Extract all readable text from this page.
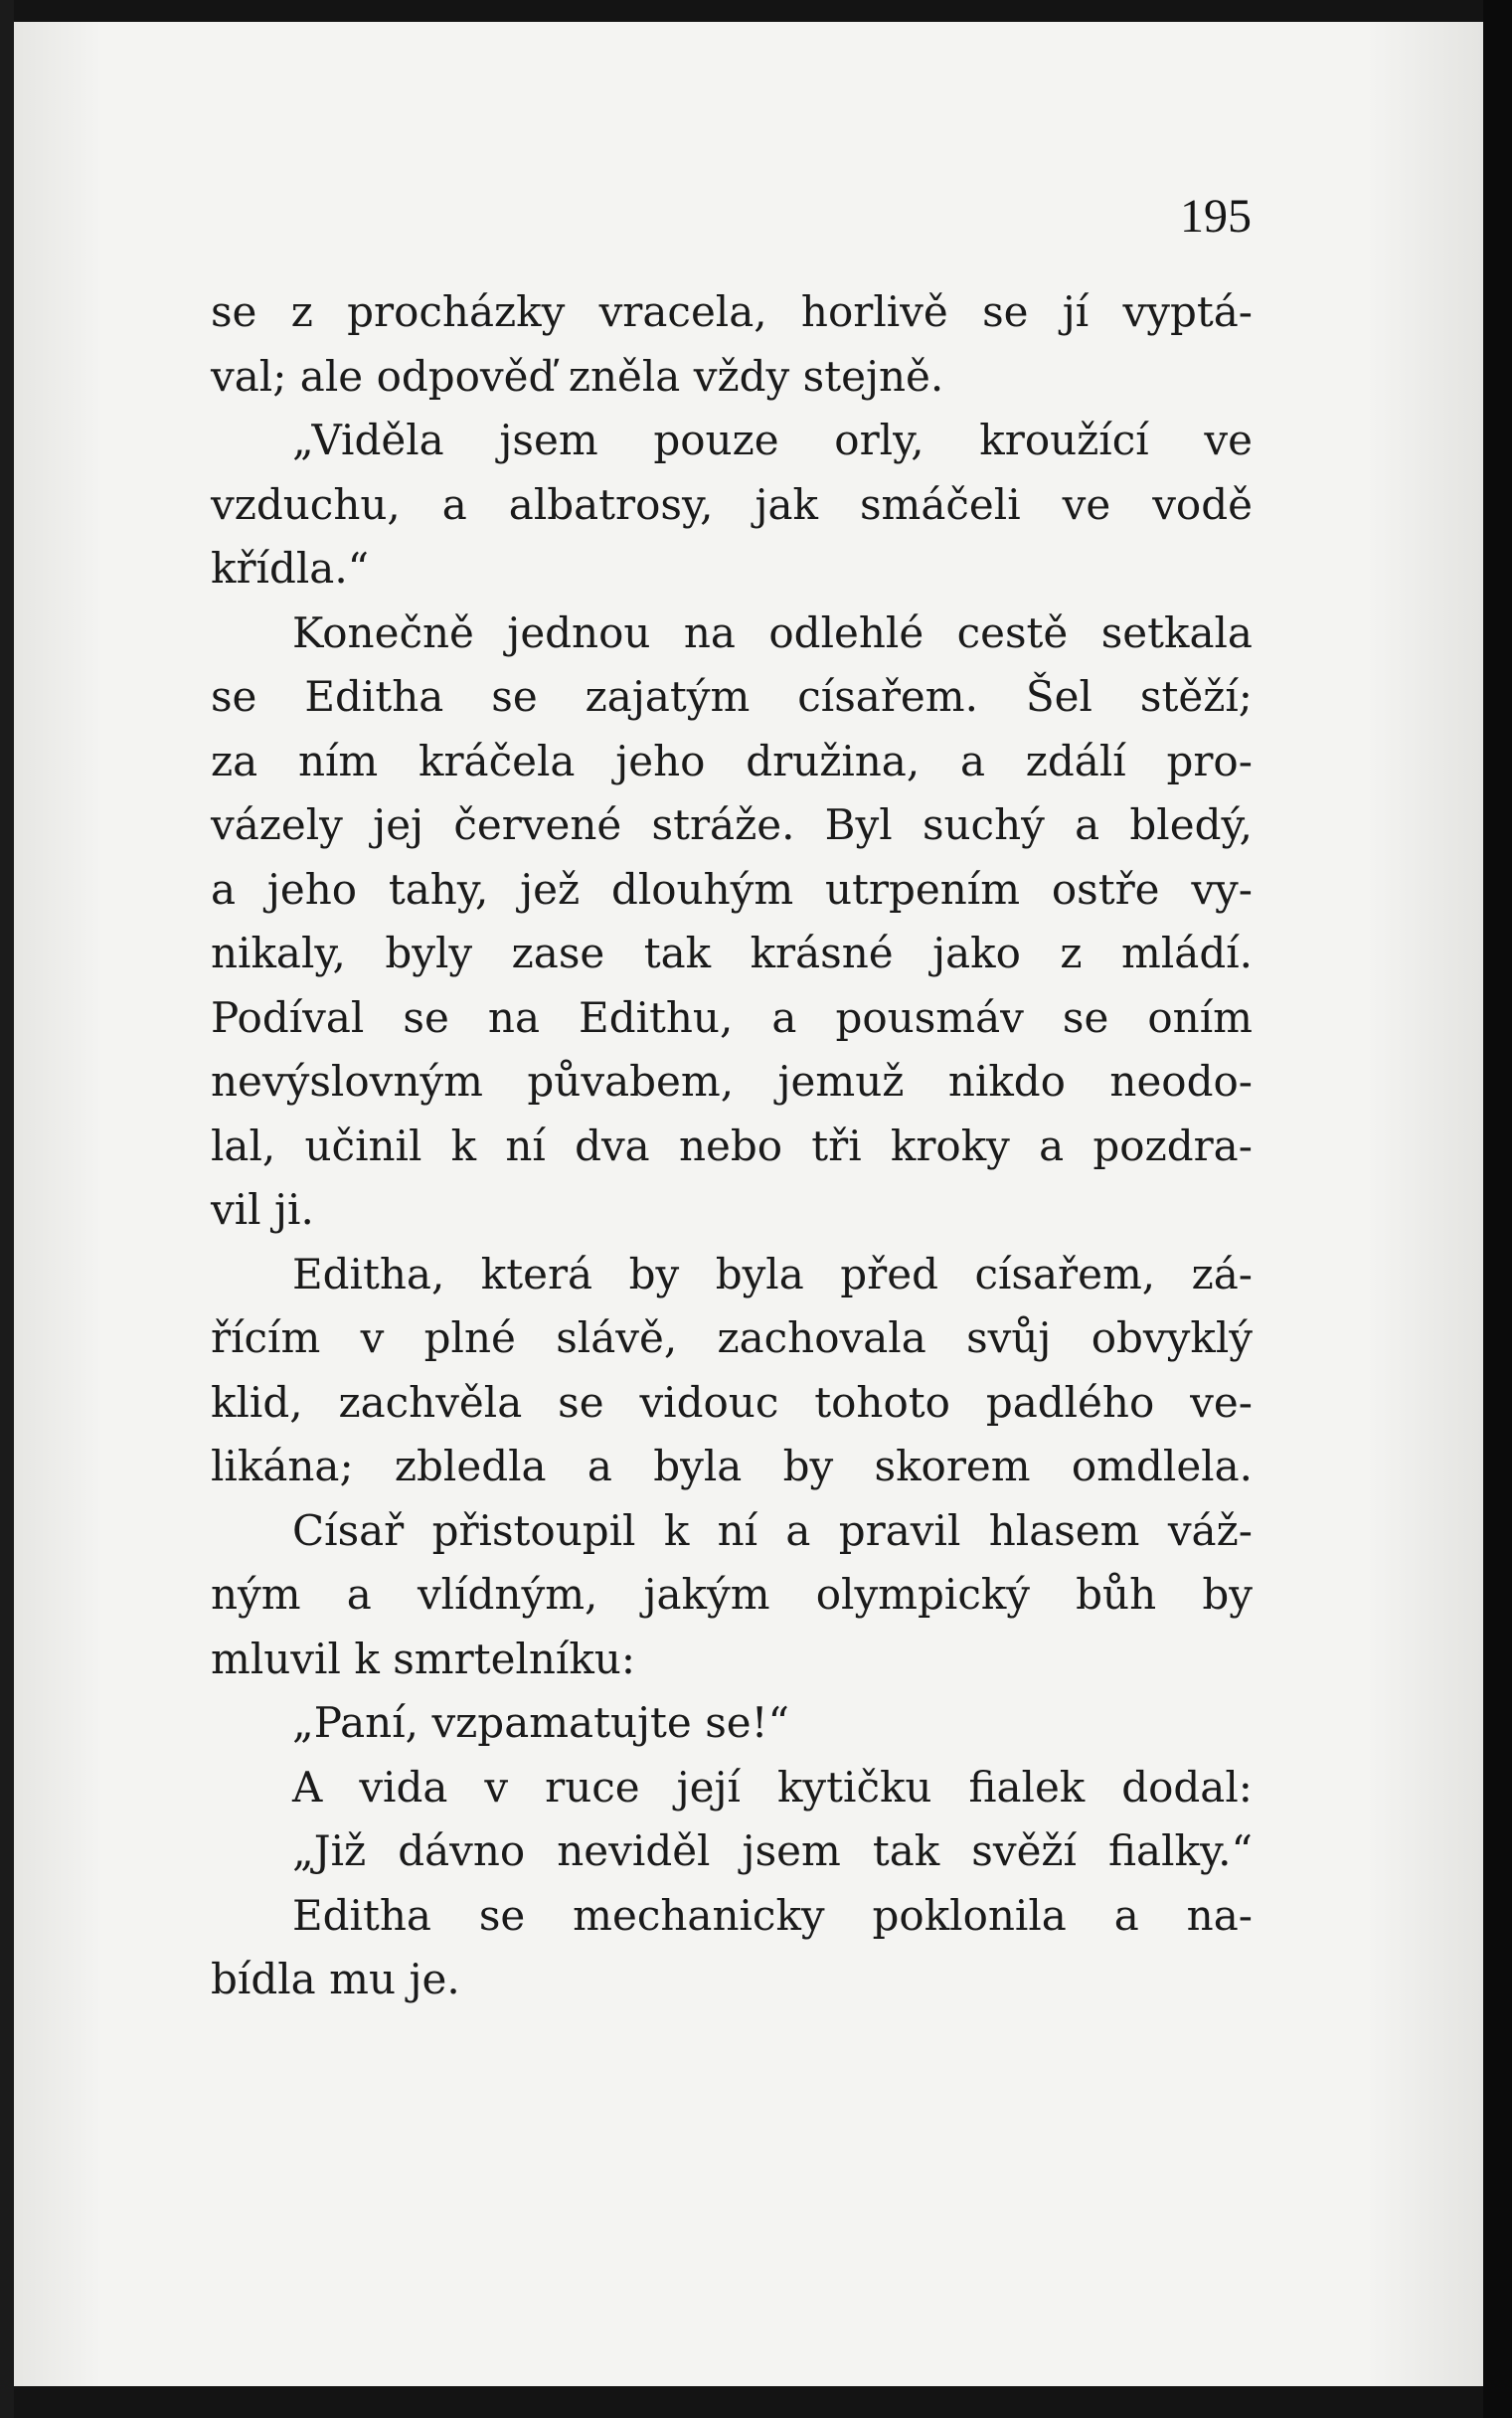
195
se z procházky vracela, horlivě se jí vyptá-
val; ale odpověď zněla vždy stejně.
„Viděla jsem pouze orly, kroužící ve
vzduchu, a albatrosy, jak smáčeli ve vodě
křídla.“
Konečně jednou na odlehlé cestě setkala
se Editha se zajatým císařem. Šel stěží;
za ním kráčela jeho družina, a zdálí pro-
vázely jej červené stráže. Byl suchý a bledý,
a jeho tahy, jež dlouhým utrpením ostře vy-
nikaly, byly zase tak krásné jako z mládí.
Podíval se na Edithu, a pousmáv se oním
nevýslovným půvabem, jemuž nikdo neodo-
lal, učinil k ní dva nebo tři kroky a pozdra-
vil ji.
Editha, která by byla před císařem, zá-
řícím v plné slávě, zachovala svůj obvyklý
klid, zachvěla se vidouc tohoto padlého ve-
likána; zbledla a byla by skorem omdlela.
Císař přistoupil k ní a pravil hlasem váž-
ným a vlídným, jakým olympický bůh by
mluvil k smrtelníku:
„Paní, vzpamatujte se!“
A vida v ruce její kytičku fialek dodal:
„Již dávno neviděl jsem tak svěží fialky.“
Editha se mechanicky poklonila a na-
bídla mu je.
